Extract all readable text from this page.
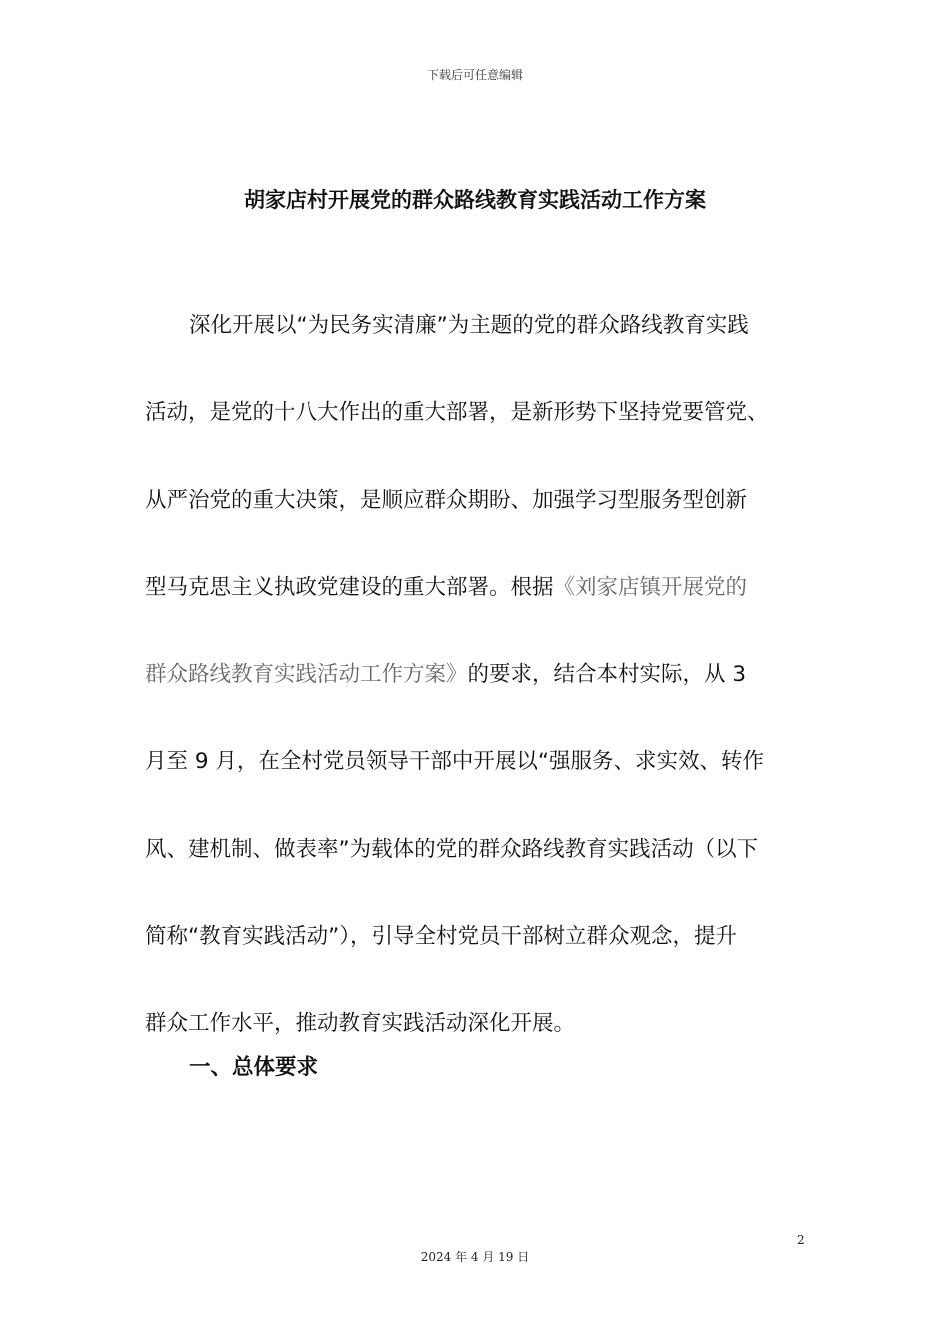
下载后可任意编辑
胡家店村开展党的群众路线教育实践活动工作方案
深化开展以“为民务实清廉”为主题的党的群众路线教育实践
活动，是党的十八大作出的重大部署，是新形势下坚持党要管党、
从严治党的重大决策，是顺应群众期盼、加强学习型服务型创新
型马克思主义执政党建设的重大部署。根据《刘家店镇开展党的
群众路线教育实践活动工作方案》的要求，结合本村实际，从 3
月至 9 月，在全村党员领导干部中开展以“强服务、求实效、转作
风、建机制、做表率”为载体的党的群众路线教育实践活动（以下
简称“教育实践活动”），引导全村党员干部树立群众观念，提升
群众工作水平，推动教育实践活动深化开展。
一、总体要求
2
2024 年 4 月 19 日
